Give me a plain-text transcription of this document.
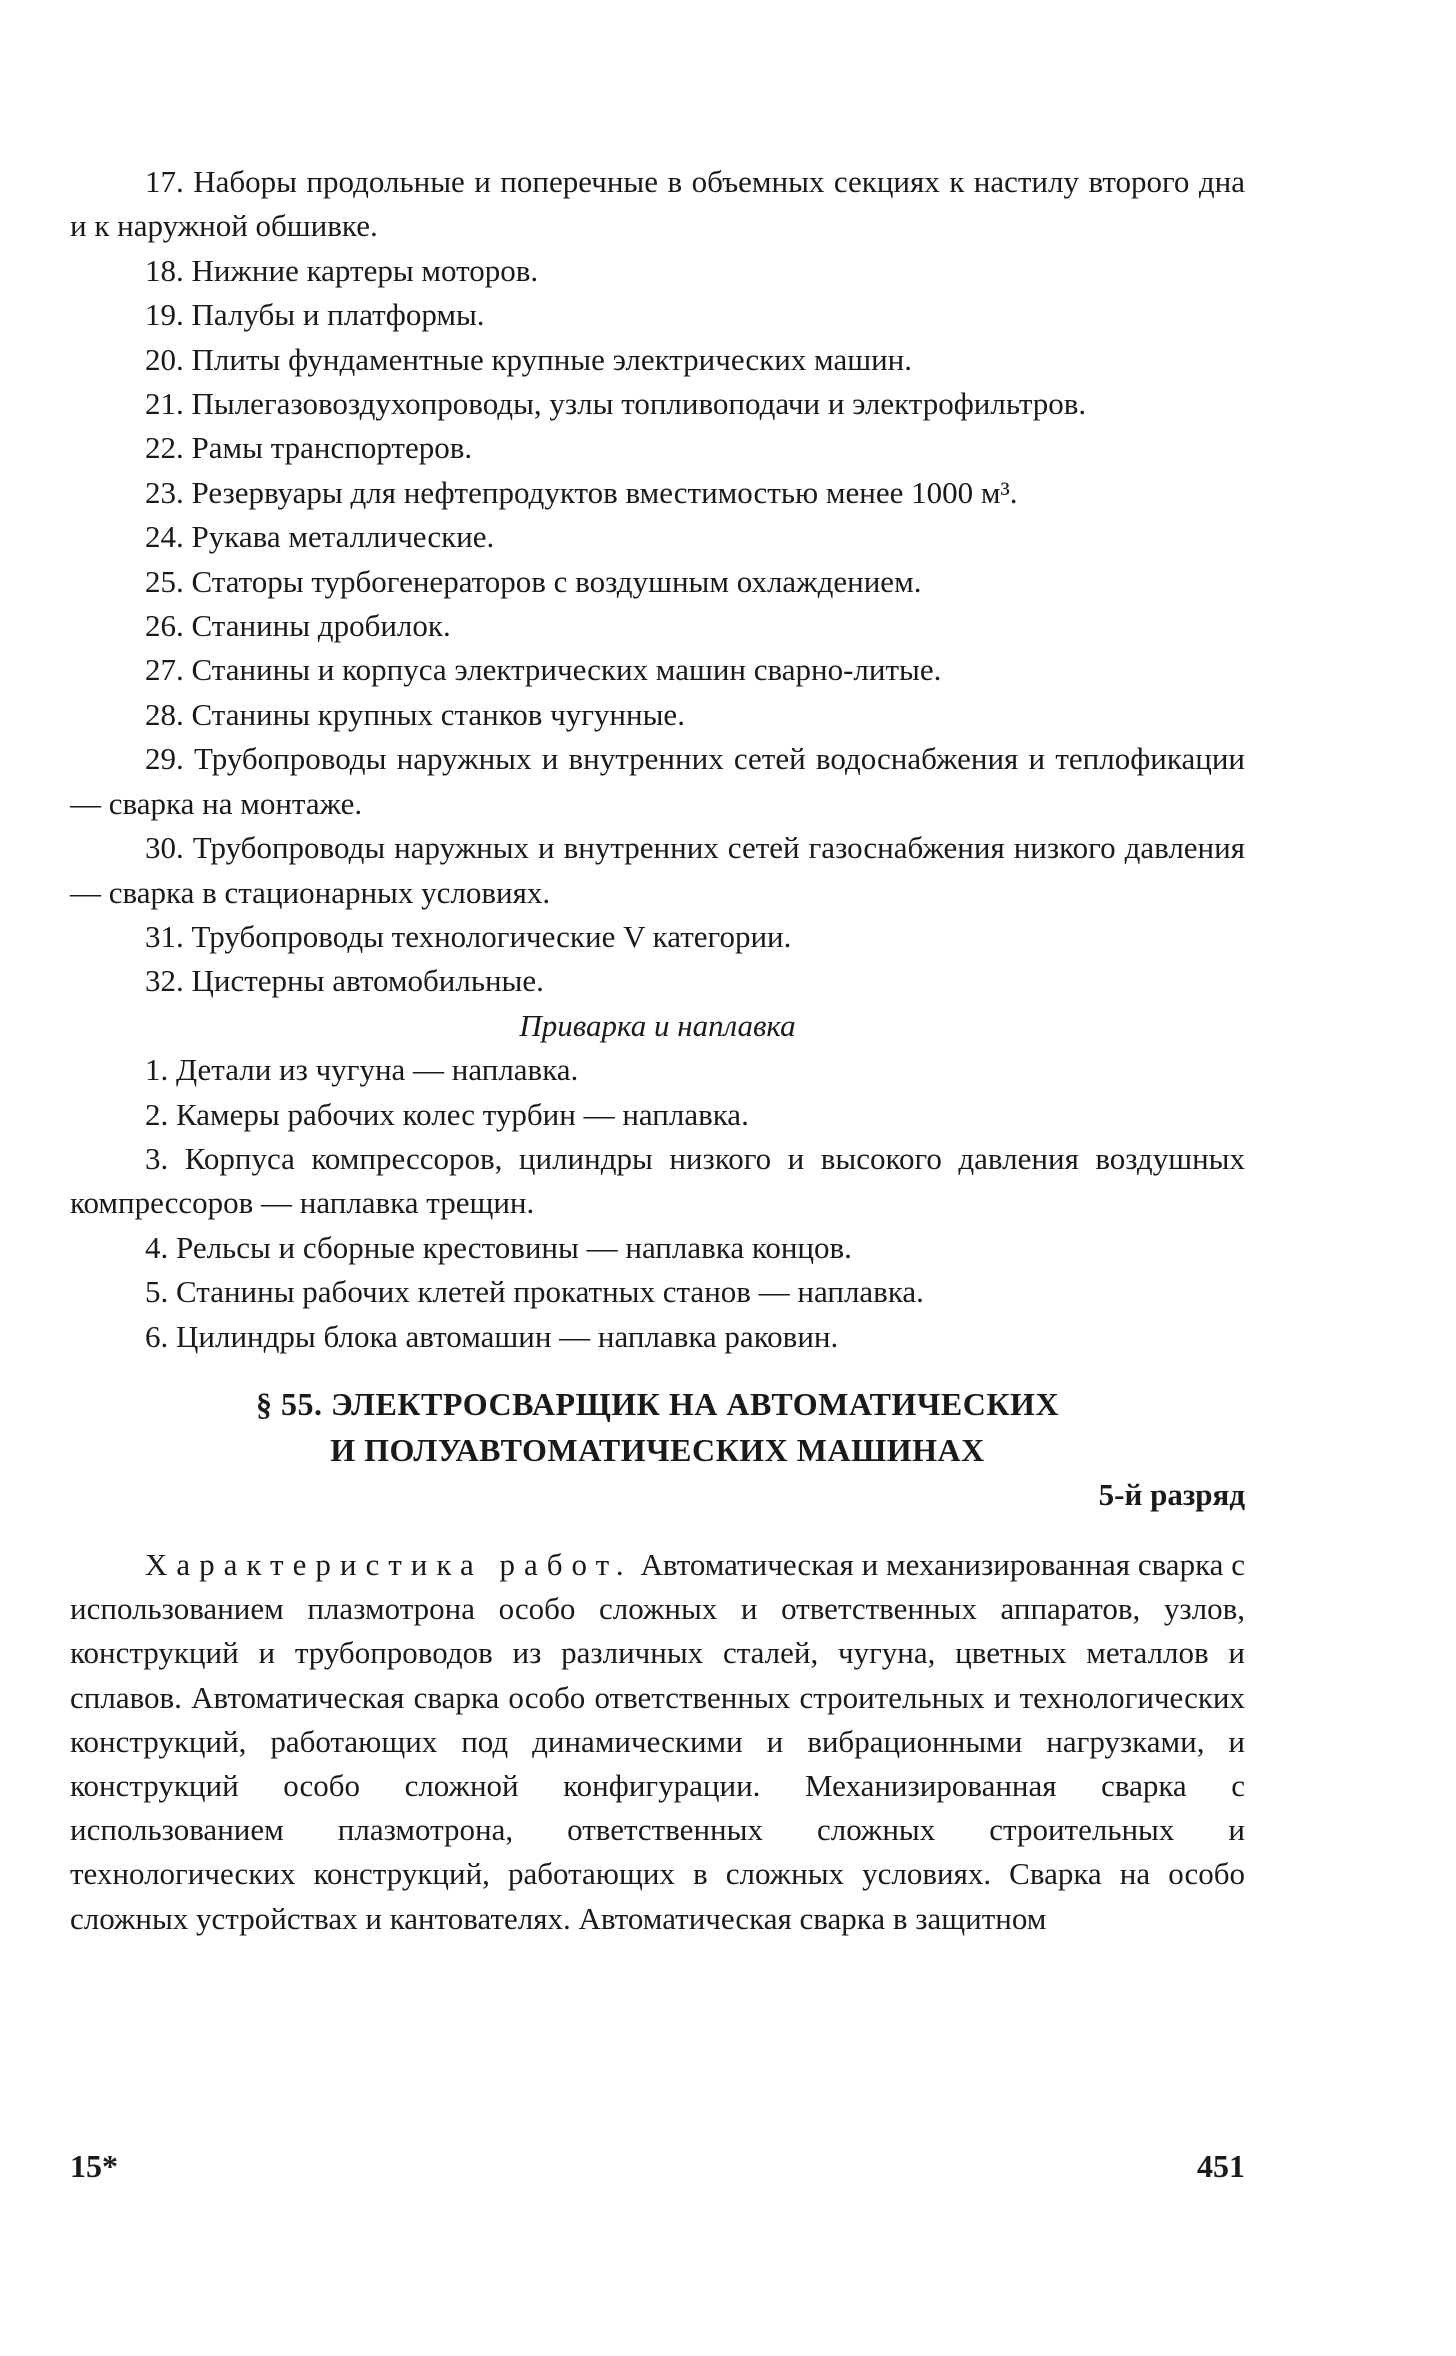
17. Наборы продольные и поперечные в объемных секциях к настилу второго дна и к наружной обшивке.

18. Нижние картеры моторов.

19. Палубы и платформы.

20. Плиты фундаментные крупные электрических машин.

21. Пылегазовоздухопроводы, узлы топливоподачи и электрофильтров.

22. Рамы транспортеров.

23. Резервуары для нефтепродуктов вместимостью менее 1000 м³.

24. Рукава металлические.

25. Статоры турбогенераторов с воздушным охлаждением.

26. Станины дробилок.

27. Станины и корпуса электрических машин сварно-литые.

28. Станины крупных станков чугунные.

29. Трубопроводы наружных и внутренних сетей водоснабжения и теплофикации — сварка на монтаже.

30. Трубопроводы наружных и внутренних сетей газоснабжения низкого давления — сварка в стационарных условиях.

31. Трубопроводы технологические V категории.

32. Цистерны автомобильные.

Приварка и наплавка

1. Детали из чугуна — наплавка.

2. Камеры рабочих колес турбин — наплавка.

3. Корпуса компрессоров, цилиндры низкого и высокого давления воздушных компрессоров — наплавка трещин.

4. Рельсы и сборные крестовины — наплавка концов.

5. Станины рабочих клетей прокатных станов — наплавка.

6. Цилиндры блока автомашин — наплавка раковин.

§ 55. ЭЛЕКТРОСВАРЩИК НА АВТОМАТИЧЕСКИХ
И ПОЛУАВТОМАТИЧЕСКИХ МАШИНАХ
5-й разряд

Характеристика работ. Автоматическая и механизированная сварка с использованием плазмотрона особо сложных и ответственных аппаратов, узлов, конструкций и трубопроводов из различных сталей, чугуна, цветных металлов и сплавов. Автоматическая сварка особо ответственных строительных и технологических конструкций, работающих под динамическими и вибрационными нагрузками, и конструкций особо сложной конфигурации. Механизированная сварка с использованием плазмотрона, ответственных сложных строительных и технологических конструкций, работающих в сложных условиях. Сварка на особо сложных устройствах и кантователях. Автоматическая сварка в защитном

15*	451
